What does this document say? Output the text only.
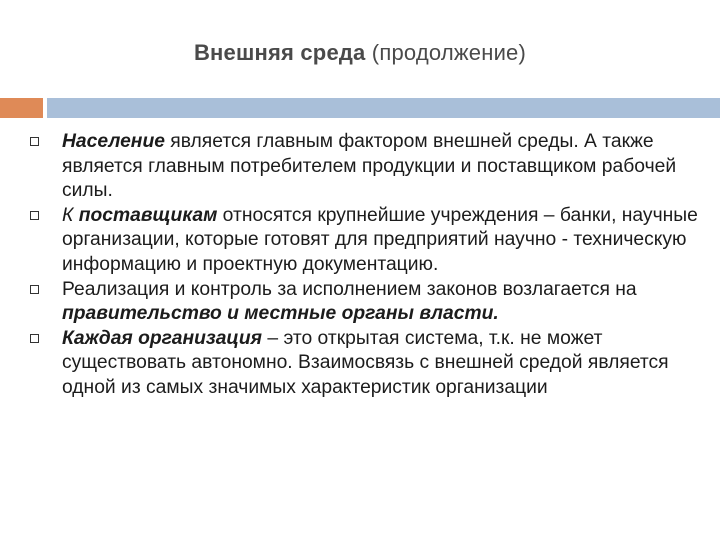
Внешняя среда (продолжение)
Население является главным фактором внешней среды. А также является главным потребителем продукции и поставщиком рабочей силы.
К поставщикам относятся крупнейшие учреждения – банки, научные организации, которые готовят для предприятий научно - техническую информацию и проектную документацию.
Реализация и контроль за исполнением законов возлагается на правительство и местные органы власти.
Каждая организация – это открытая система, т.к. не может существовать автономно. Взаимосвязь с внешней средой является одной из самых значимых характеристик организации
